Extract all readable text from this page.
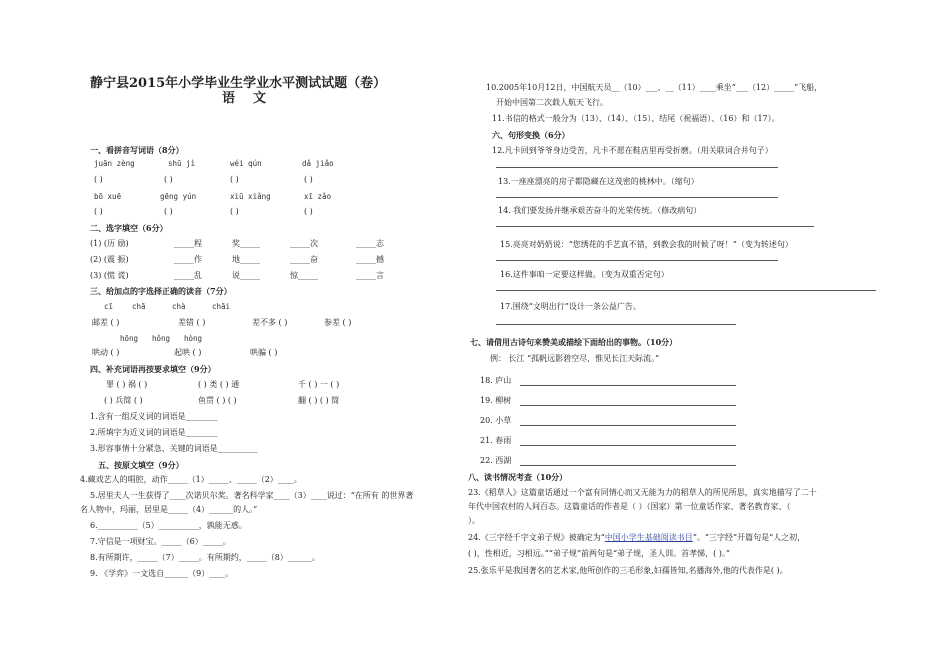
静宁县2015年小学毕业生学业水平测试试题（卷）
语文
一、看拼音写词语（8分）
juān zèng	shū jì	wéi qún	dǎ jiǎo
( )	( )	( )	( )
bō xuē	gēng yún	xiū xiǎng	xī zǎo
( )	( )	( )	( )
二、选字填空（6分）
(1) (历 励)	_____程	奖_____	_____次	_____志
(2) (震 振)	_____作	地_____	_____奋	_____撼
(3) (慌 谎)	_____乱	说_____	惊_____	_____言
三、给加点的字选择正确的读音（7分）
cī	chā	chà	chāi
邮差 ( )	差错 ( )	差不多 ( )	参差 ( )
hōng hǒng hòng
哄动 ( )	起哄 ( )	哄骗 ( )
四、补充词语再按要求填空（9分）
罪 ( ) 祸 ( )	( ) 类 ( ) 通	千 ( ) 一 ( )
( ) 兵简 ( )	鱼贯 ( ) ( )	翻 ( ) ( ) 简
1.含有一组反义词的词语是________
2.所填字为近义词的词语是________
3.形容事情十分紧急、关键的词语是__________
五、按原文填空（9分）
4.藏戏艺人的唱腔，动作_____（1）_____、_____（2）____。
5.居里夫人一生获得了____次诺贝尔奖。著名科学家____（3）____说过：“在所有 的世界著
名人物中，玛丽，居里是_____（4）______的人。”
6.__________（5）__________，孰能无惑。
7.守信是一项财宝。_____（6）_____。
8.有所期许，_____（7）_____。有所期约，_____（8）______。
9. 《学弈》一文选自______（9）____。
10.2005年10月12日，中国航天员__（10）___、__（11）____乘坐“___（12）_____”飞船，
开始中国第二次载人航天飞行。
11.书信的格式一般分为（13）、（14）、（15）、结尾（祝福语）、（16）和（17）。
六、句形变换（6分）
12.凡卡回到爷爷身边受苦，凡卡不愿在鞋店里再受折磨。（用关联词合并句子）
13.一座座漂亮的房子都隐藏在这茂密的桃林中。（缩句）
14. 我们要发扬并继承艰苦奋斗的光荣传统。（修改病句）
15.亮亮对奶奶说：“您绣花的手艺真不错，到教会我的时候了呀！”（变为转述句）
16.这件事咱一定要这样做。（变为双重否定句）
17.围绕“文明出行”设计一条公益广告。
七、请借用古诗句来赞美或描绘下面给出的事物。（10分）
例： 长江 “孤帆远影碧空尽，惟见长江天际流。”
18. 庐山
19. 柳树
20. 小草
21. 春雨
22. 西湖
八、读书情况考查（10分）
23.《稻草人》这篇童话通过一个富有同情心而又无能为力的稻草人的所见所思，真实地描写了二十
年代中国农村的人间百态。这篇童话的作者是（ ）（国家）第一位童话作家、著名教育家、（
）。
24.《三字经千字文弟子规》被确定为“中国小学生基础阅读书目”。“三字经”开篇句是“人之初，
( )，性相近，习相远。”“弟子规”前两句是“弟子规，圣人训。首孝悌，( )。”
25.张乐平是我国著名的艺术家,他所创作的三毛形象,妇孺皆知,名播海外,他的代表作是( )。
